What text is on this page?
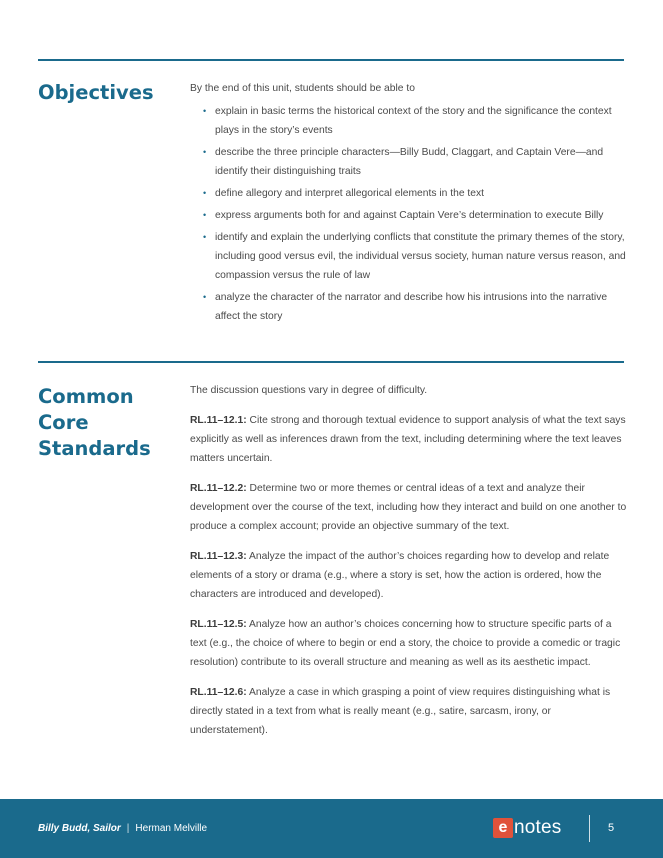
Objectives	By the end of this unit, students should be able to

• explain in basic terms the historical context of the story and the significance the context plays in the story’s events
• describe the three principle characters—Billy Budd, Claggart, and Captain Vere—and identify their distinguishing traits
• define allegory and interpret allegorical elements in the text
• express arguments both for and against Captain Vere’s determination to execute Billy
• identify and explain the underlying conflicts that constitute the primary themes of the story, including good versus evil, the individual versus society, human nature versus reason, and compassion versus the rule of law
• analyze the character of the narrator and describe how his intrusions into the narrative affect the story
Common
Core
Standards

The discussion questions vary in degree of difficulty.

RL.11–12.1: Cite strong and thorough textual evidence to support analysis of what the text says explicitly as well as inferences drawn from the text, including determining where the text leaves matters uncertain.

RL.11–12.2: Determine two or more themes or central ideas of a text and analyze their development over the course of the text, including how they interact and build on one another to produce a complex account; provide an objective summary of the text.

RL.11–12.3: Analyze the impact of the author’s choices regarding how to develop and relate elements of a story or drama (e.g., where a story is set, how the action is ordered, how the characters are introduced and developed).

RL.11–12.5: Analyze how an author’s choices concerning how to structure specific parts of a text (e.g., the choice of where to begin or end a story, the choice to provide a comedic or tragic resolution) contribute to its overall structure and meaning as well as its aesthetic impact.

RL.11–12.6: Analyze a case in which grasping a point of view requires distinguishing what is directly stated in a text from what is really meant (e.g., satire, sarcasm, irony, or understatement).

Billy Budd, Sailor | Herman Melville	e notes	5
